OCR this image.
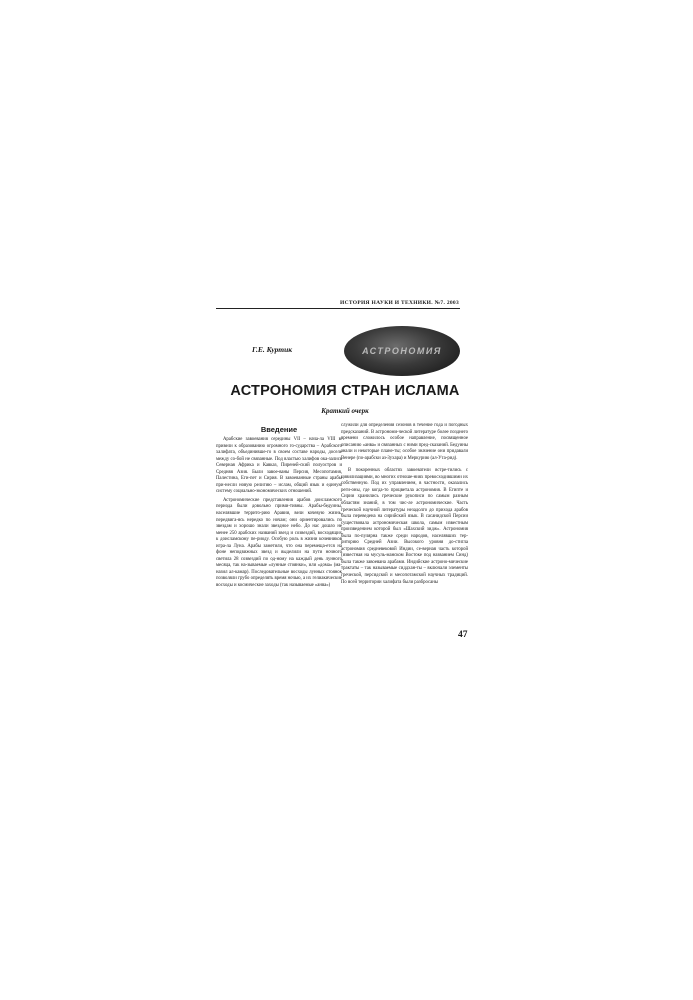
ИСТОРИЯ НАУКИ И ТЕХНИКИ. №7. 2003
Г.Е. Куртик	АСТРОНОМИЯ
АСТРОНОМИЯ СТРАН ИСЛАМА
Краткий очерк
Введение

Арабские завоевания середины VII – нача-ла VIII в. привели к образованию огромного го-сударства – Арабского халифата, объединивше-го в своем составе народы, доселе между со-бой не связанные. Под властью халифов ока-зались Северная Африка и Кавказ, Пиреней-ский полуостров и Средняя Азия. Были завое-ваны Персия, Месопотамия, Палестина, Еги-пет и Сирия. В завоеванные страны арабы при-несли новую религию – ислам, общий язык и единую систему социально-экономических отношений.

Астрономические представления арабов доисламского периода были довольно прими-тивны. Арабы-бедуины, населявшие террито-рию Аравии, вели кочевую жизнь, передвига-ясь нередко по ночам; они ориентировались по звездам и хорошо знали звездное небо. До нас дошло не менее 250 арабских названий звезд и созвездий, восходящих к доисламскому пе-риоду. Особую роль в жизни кочевников игра-ла Луна. Арабы заметили, что она перемеща-ется на фоне неподвижных звезд и выделили на пути ночного светила 28 созвездий по од-ному на каждый день лунного месяца, так на-зываемые «лунные стоянки», или «дома» (ма-назил ал-камар). Последовательные восходы лунных стоянок позволяли грубо определять время ночью, а их гелиакические восходы и космические заходы (так называемые «анва»)

служили для определения сезонов в течение года и погодных предсказаний. В астрономи-ческой литературе более позднего времени сложилось особое направление, посвященное описанию «анва» и связанных с ними пред-сказаний. Бедуины знали и некоторые плане-ты; особое значение они придавали Венере (по-арабски аз-Зухара) и Меркурию (ал-Ута-рид).

В покоренных областях завоеватели встре-тились с цивилизациями, во многих отноше-ниях превосходившими их собственную. Под их управлением, в частности, оказались реги-оны, где когда-то процветала астрономия. В Египте и Сирии хранились греческие рукописи по самым разным областям знаний, в том чис-ле астрономические. Часть греческой научной литературы незадолго до прихода арабов была переведена на сирийский язык. В сасанидской Персии существовала астрономическая школа, самым известным произведением которой был «Шахский зидж». Астрономия была по-пулярна также среди народов, населявших тер-риторию Средней Азии. Высокого уровня до-стигла астрономия средневековой Индии, се-верная часть которой (известная на мусуль-манском Востоке под названием Синд) была также завоевана арабами. Индийские астроно-мические трактаты – так называемые сиддхан-ты – включали элементы греческой, персидской и месопотамской научных традиций. По всей территории халифата были разбросаны

47
